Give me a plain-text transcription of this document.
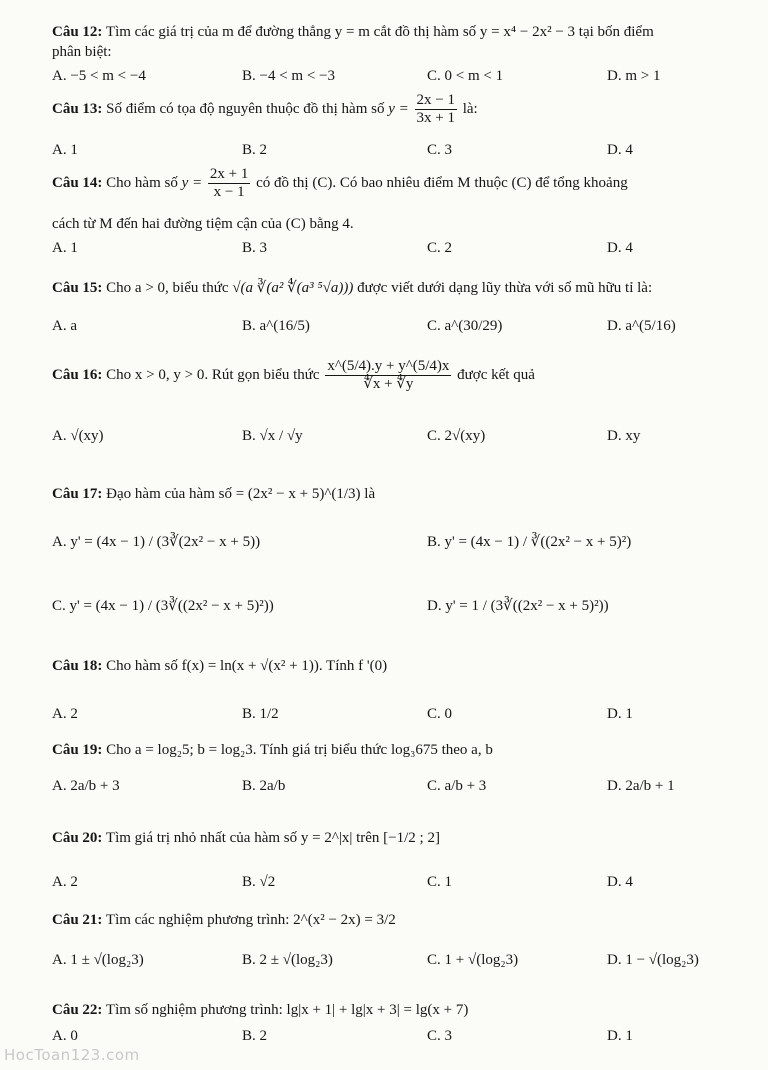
Câu 12: Tìm các giá trị của m để đường thẳng y = m cắt đồ thị hàm số y = x⁴ − 2x² − 3 tại bốn điểm
phân biệt:
A. −5 < m < −4	B. −4 < m < −3	C. 0 < m < 1	D. m > 1
Câu 13: Số điểm có tọa độ nguyên thuộc đồ thị hàm số $y = \frac{2x - 1}{3x + 1}$ là:
A. 1	B. 2	C. 3	D. 4
Câu 14: Cho hàm số $y = \frac{2x + 1}{x - 1}$ có đồ thị (C). Có bao nhiêu điểm M thuộc (C) để tổng khoảng
cách từ M đến hai đường tiệm cận của (C) bằng 4.
A. 1	B. 3	C. 2	D. 4
Câu 15: Cho a > 0, biểu thức √(a ∛(a² ∜(a³ ⁵√a))) được viết dưới dạng lũy thừa với số mũ hữu tỉ là:
A. a	B. a^(16/5)	C. a^(30/29)	D. a^(5/16)
Câu 16: Cho x > 0, y > 0. Rút gọn biểu thức $\frac{x\^{}(5/4).y + y\^{}(5/4)x}{∜x + ∜y}$ được kết quả
A. √(xy)	B. √x / √y	C. 2√(xy)	D. xy
Câu 17: Đạo hàm của hàm số = (2x² − x + 5)^(1/3) là
A. y' = (4x − 1) / (3∛(2x² − x + 5))	B. y' = (4x − 1) / ∛((2x² − x + 5)²)
C. y' = (4x − 1) / (3∛((2x² − x + 5)²))	D. y' = 1 / (3∛((2x² − x + 5)²))
Câu 18: Cho hàm số f(x) = ln(x + √(x² + 1)). Tính f '(0)
A. 2	B. 1/2	C. 0	D. 1
Câu 19: Cho a = log₂5; b = log₂3. Tính giá trị biểu thức log₃675 theo a, b
A. 2a/b + 3	B. 2a/b	C. a/b + 3	D. 2a/b + 1
Câu 20: Tìm giá trị nhỏ nhất của hàm số y = 2^|x| trên [−1/2 ; 2]
A. 2	B. √2	C. 1	D. 4
Câu 21: Tìm các nghiệm phương trình: 2^(x² − 2x) = 3/2
A. 1 ± √(log₂3)	B. 2 ± √(log₂3)	C. 1 + √(log₂3)	D. 1 − √(log₂3)
Câu 22: Tìm số nghiệm phương trình: lg|x + 1| + lg|x + 3| = lg(x + 7)
A. 0	B. 2	C. 3	D. 1
HocToan123.com
